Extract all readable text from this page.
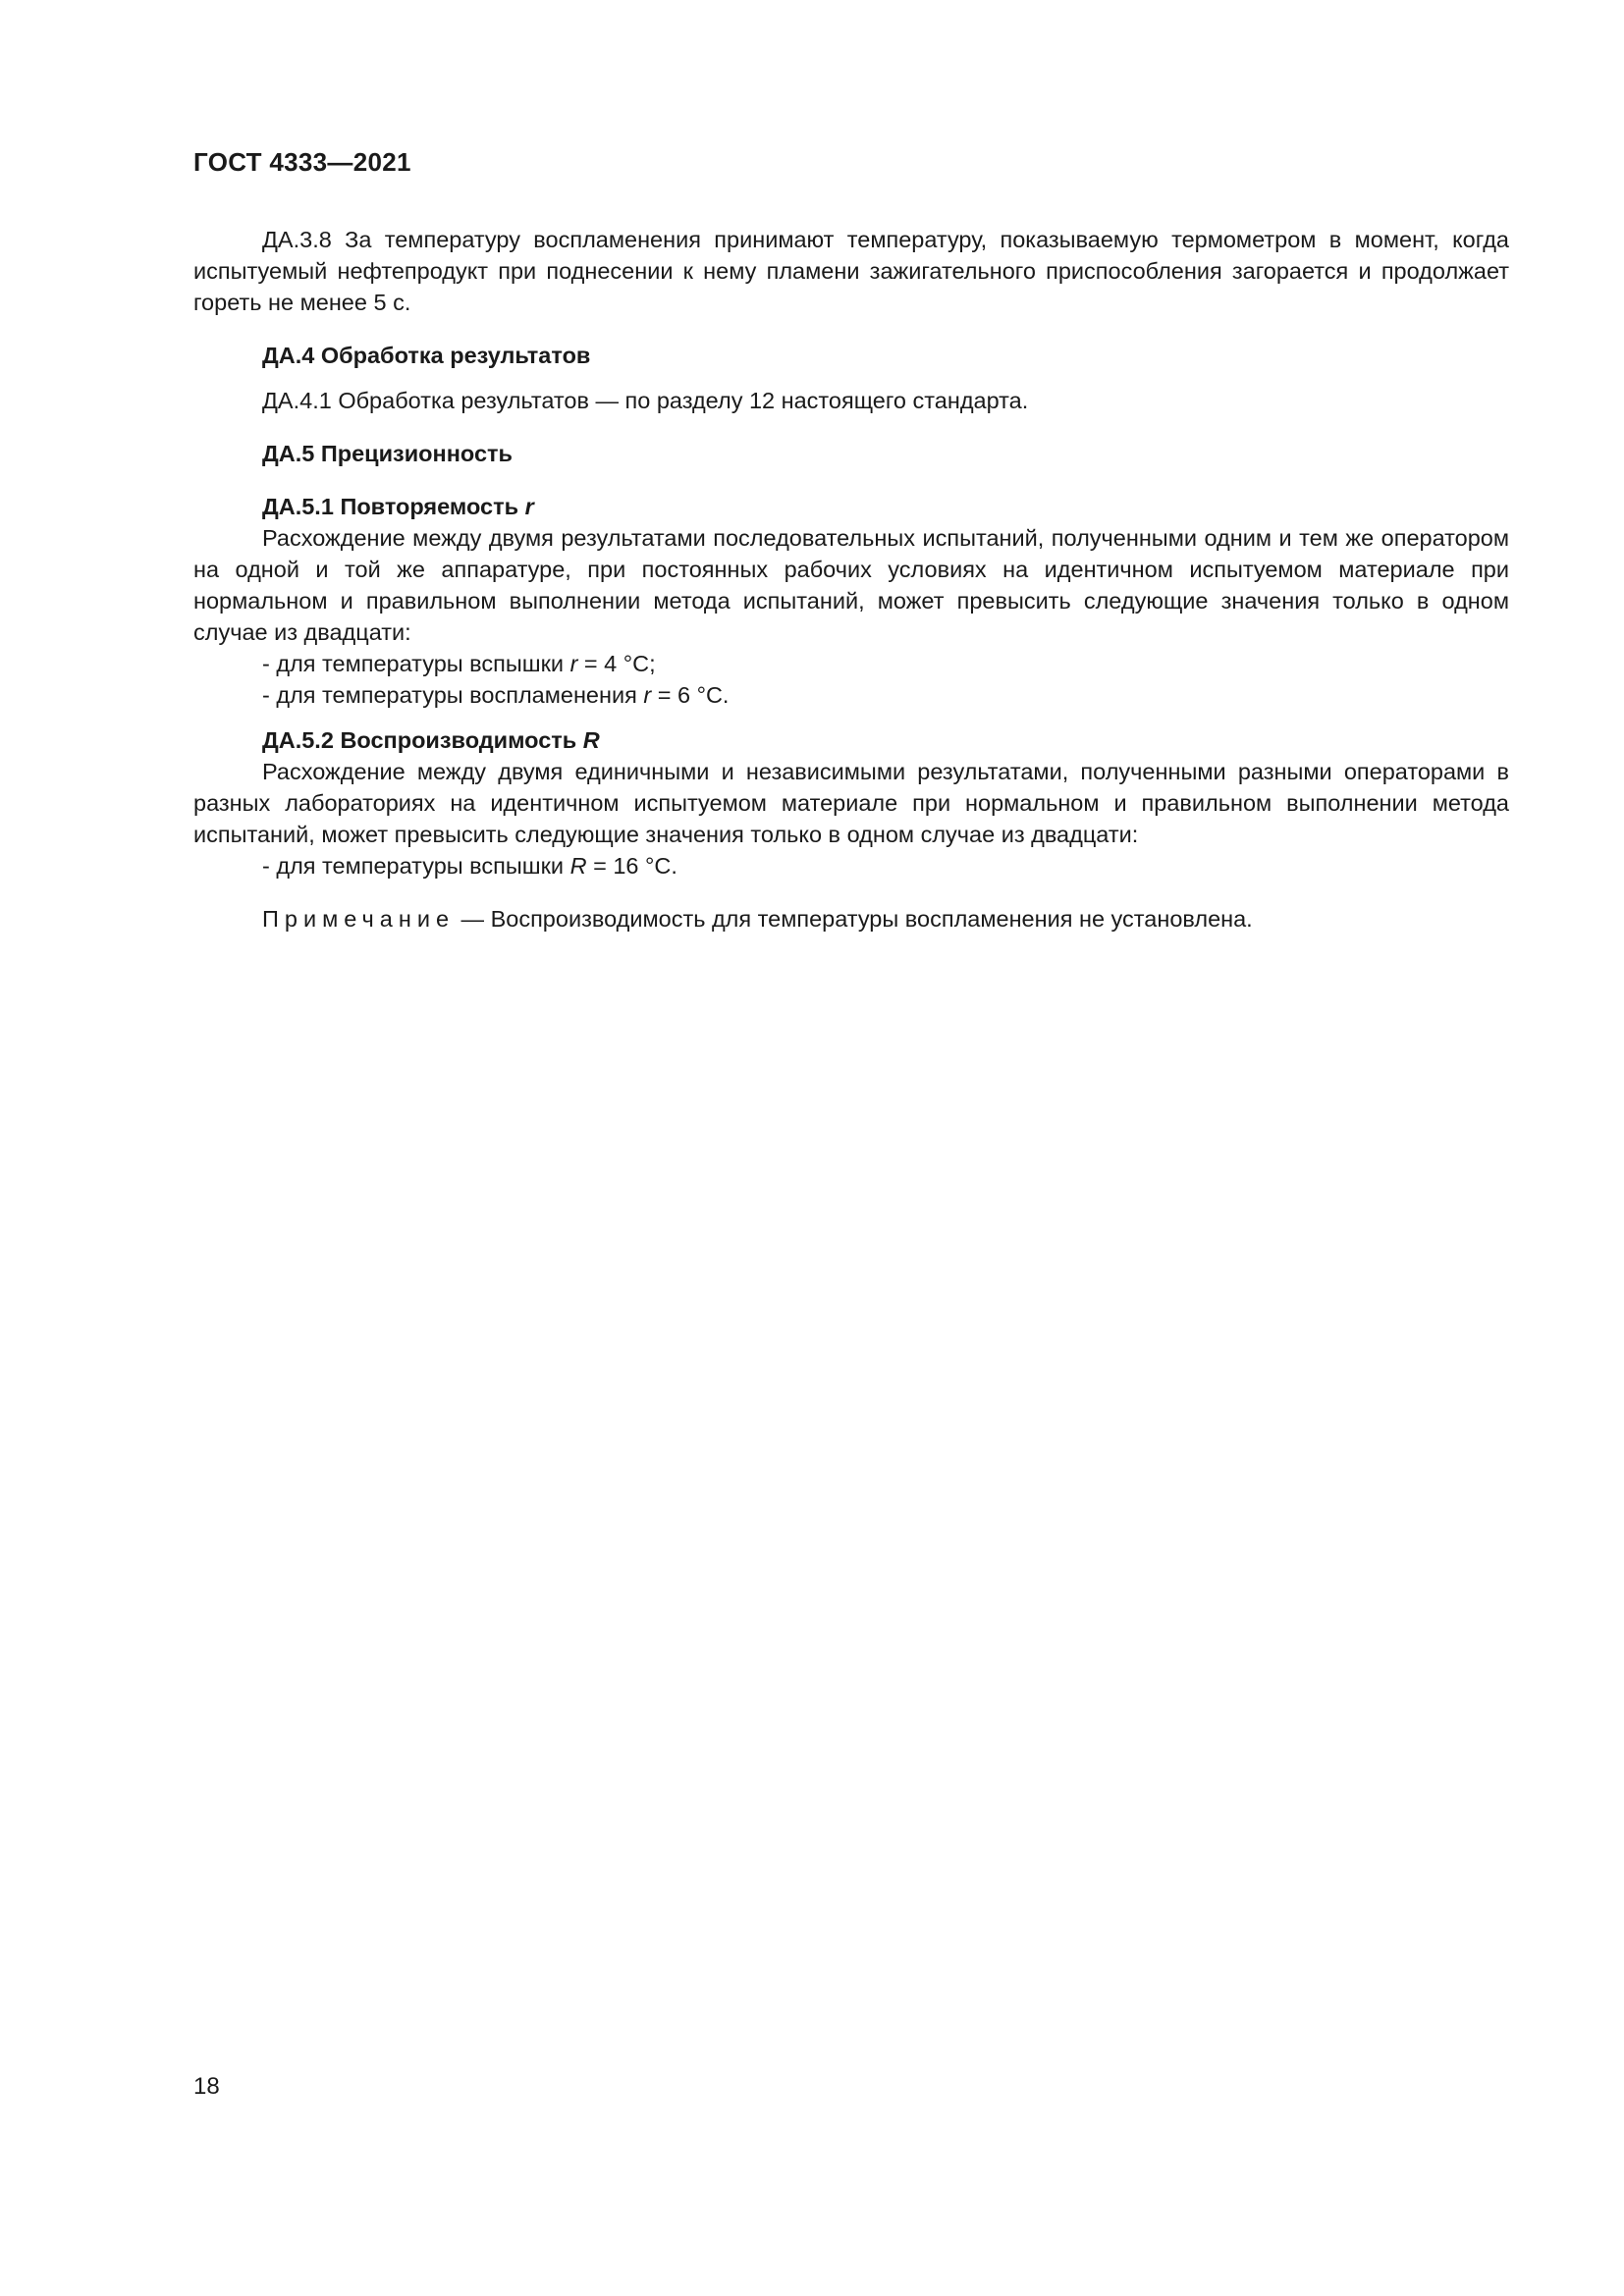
ГОСТ 4333—2021

ДА.3.8 За температуру воспламенения принимают температуру, показываемую термометром в момент, когда испытуемый нефтепродукт при поднесении к нему пламени зажигательного приспособления загорается и продолжает гореть не менее 5 с.

ДА.4 Обработка результатов

ДА.4.1 Обработка результатов — по разделу 12 настоящего стандарта.

ДА.5 Прецизионность

ДА.5.1 Повторяемость r

Расхождение между двумя результатами последовательных испытаний, полученными одним и тем же оператором на одной и той же аппаратуре, при постоянных рабочих условиях на идентичном испытуемом материале при нормальном и правильном выполнении метода испытаний, может превысить следующие значения только в одном случае из двадцати:

- для температуры вспышки r = 4 °С;

- для температуры воспламенения r = 6 °С.

ДА.5.2 Воспроизводимость R

Расхождение между двумя единичными и независимыми результатами, полученными разными операторами в разных лабораториях на идентичном испытуемом материале при нормальном и правильном выполнении метода испытаний, может превысить следующие значения только в одном случае из двадцати:

- для температуры вспышки R = 16 °С.

Примечание — Воспроизводимость для температуры воспламенения не установлена.

18
